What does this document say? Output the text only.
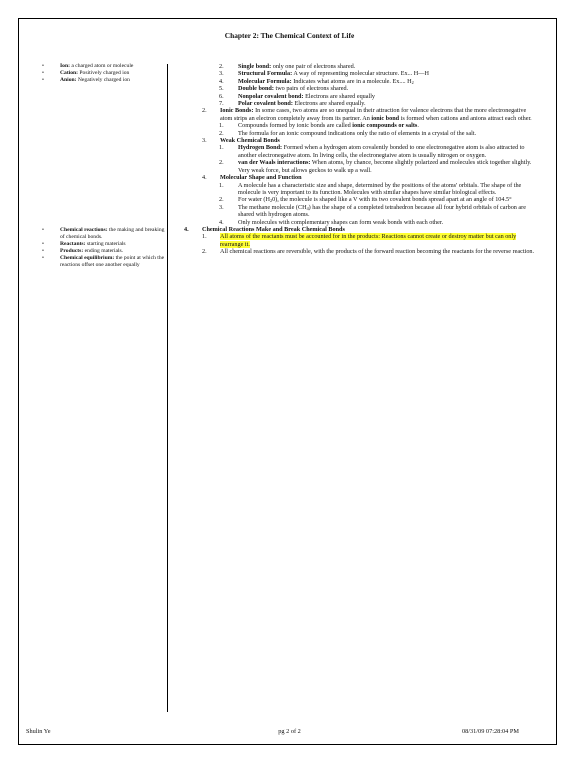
Chapter 2: The Chemical Context of Life
• Ion: a charged atom or molecule
• Cation: Positively charged ion
• Anion: Negatively charged ion
• Chemical reactions: the making and breaking of chemical bonds.
• Reactants: starting materials
• Products: ending materials.
• Chemical equilibrium: the point at which the reactions offset one another equally
2. Single bond: only one pair of electrons shared.
3. Structural Formula: A way of representing molecular structure. Ex... H—H
4. Molecular Formula: Indicates what atoms are in a molecule. Ex.... $H_2$
5. Double bond: two pairs of electrons shared.
6. Nonpolar covalent bond: Electrons are shared equally
7. Polar covalent bond: Electrons are shared equally.
2. Ionic Bonds: In some cases, two atoms are so unequal in their attraction for valence electrons that the more electronegative atom strips an electron completely away from its partner. An ionic bond is formed when cations and anions attract each other.
1. Compounds formed by ionic bonds are called ionic compounds or salts.
2. The formula for an ionic compound indications only the ratio of elements in a crystal of the salt.
3. Weak Chemical Bonds
1. Hydrogen Bond: Formed when a hydrogen atom covalently bonded to one electronegative atom is also attracted to another electronegative atom. In living cells, the electronegtaive atom is usually nitrogen or oxygen.
2. van der Waals interactions: When atoms, by chance, become slightly polarized and molecules stick together slightly. Very weak force, but allows geckos to walk up a wall.
4. Molecular Shape and Function
1. A molecule has a characteristic size and shape, determined by the positions of the atoms' orbitals. The shape of the molecule is very important to its function. Molecules with similar shapes have similar biological effects.
2. For water $(H_20)$, the molecule is shaped like a V with its two covalent bonds spread apart at an angle of 104.5°
3. The methane molecule $(CH_4)$ has the shape of a completed tetrahedron because all four hybrid orbitals of carbon are shared with hydrogen atoms.
4. Only molecules with complementary shapes can form weak bonds with each other.
4. Chemical Reactions Make and Break Chemical Bonds
1. All atoms of the reactants must be accounted for in the products: Reactions cannot create or destroy matter but can only rearrange it.
2. All chemical reactions are reversible, with the products of the forward reaction becoming the reactants for the reverse reaction.
Shulin Ye	pg 2 of 2	08/31/09 07:28:04 PM
